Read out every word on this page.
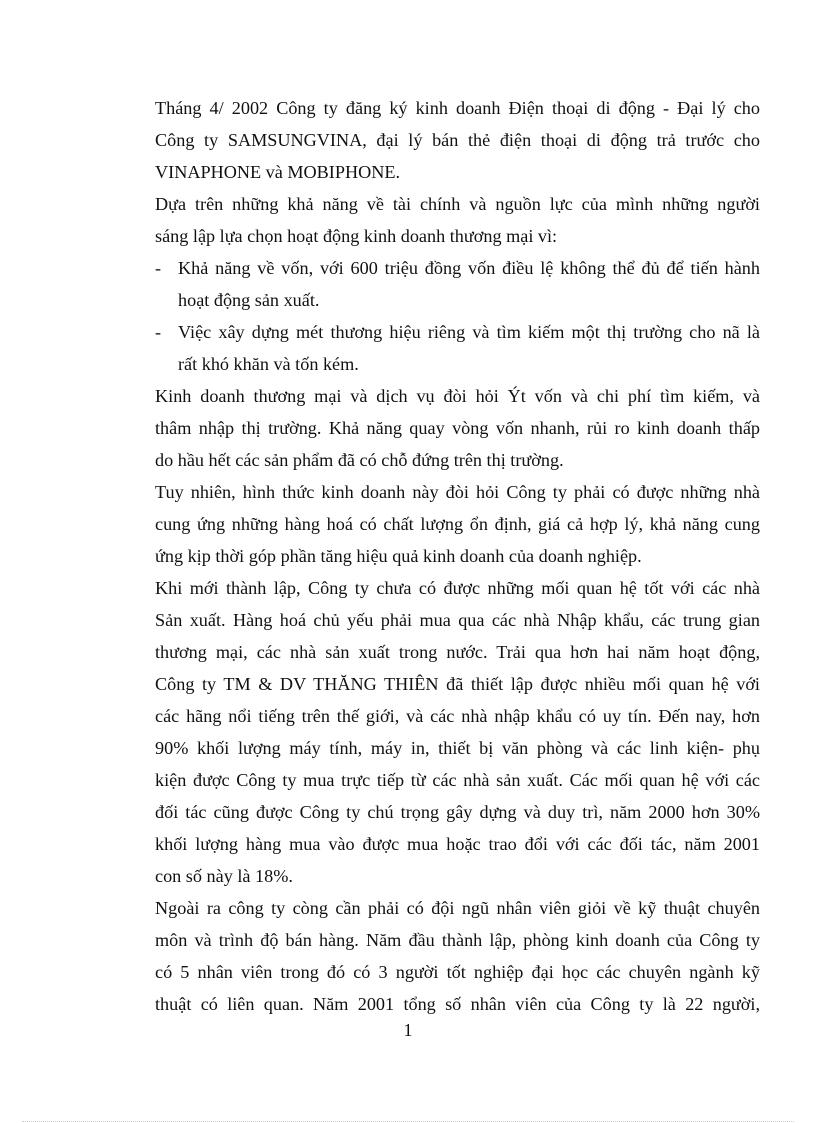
Tháng 4/ 2002 Công ty đăng ký kinh doanh Điện thoại di động - Đại lý cho
Công ty SAMSUNGVINA, đại lý bán thẻ điện thoại di động trả trước cho
VINAPHONE và MOBIPHONE.
Dựa trên những khả năng về tài chính và nguồn lực của mình những người
sáng lập lựa chọn hoạt động kinh doanh thương mại vì:
- Khả năng về vốn, với 600 triệu đồng vốn điều lệ không thể đủ để tiến hành
hoạt động sản xuất.
- Việc xây dựng mét thương hiệu riêng và tìm kiếm một thị trường cho nã là
rất khó khăn và tốn kém.
Kinh doanh thương mại và dịch vụ đòi hỏi Ýt vốn và chi phí tìm kiếm, và
thâm nhập thị trường. Khả năng quay vòng vốn nhanh, rủi ro kinh doanh thấp
do hầu hết các sản phẩm đã có chỗ đứng trên thị trường.
Tuy nhiên, hình thức kinh doanh này đòi hỏi Công ty phải có được những nhà
cung ứng những hàng hoá có chất lượng ổn định, giá cả hợp lý, khả năng cung
ứng kịp thời góp phần tăng hiệu quả kinh doanh của doanh nghiệp.
Khi mới thành lập, Công ty chưa có được những mối quan hệ tốt với các nhà
Sản xuất. Hàng hoá chủ yếu phải mua qua các nhà Nhập khẩu, các trung gian
thương mại, các nhà sản xuất trong nước. Trải qua hơn hai năm hoạt động,
Công ty TM & DV THĂNG THIÊN đã thiết lập được nhiều mối quan hệ với
các hãng nổi tiếng trên thế giới, và các nhà nhập khẩu có uy tín. Đến nay, hơn
90% khối lượng máy tính, máy in, thiết bị văn phòng và các linh kiện- phụ
kiện được Công ty mua trực tiếp từ các nhà sản xuất. Các mối quan hệ với các
đối tác cũng được Công ty chú trọng gây dựng và duy trì, năm 2000 hơn 30%
khối lượng hàng mua vào được mua hoặc trao đổi với các đối tác, năm 2001
con số này là 18%.
Ngoài ra công ty còng cần phải có đội ngũ nhân viên giỏi về kỹ thuật chuyên
môn và trình độ bán hàng. Năm đầu thành lập, phòng kinh doanh của Công ty
có 5 nhân viên trong đó có 3 người tốt nghiệp đại học các chuyên ngành kỹ
thuật có liên quan. Năm 2001 tổng số nhân viên của Công ty là 22 người,
1
